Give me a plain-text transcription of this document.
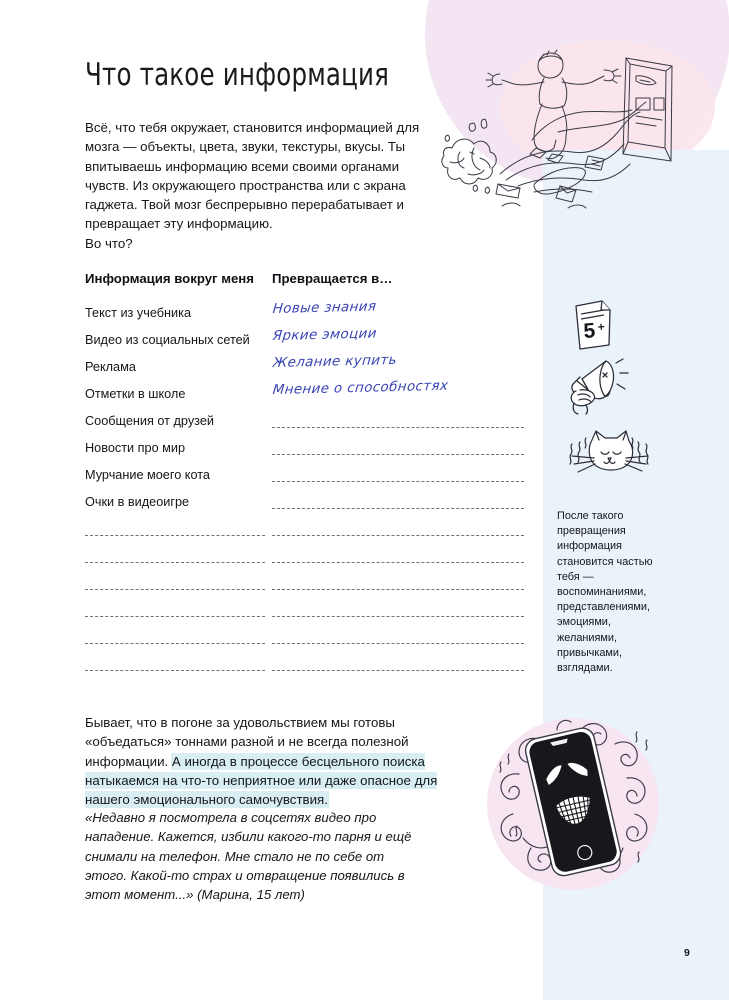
5 +
Что такое информация
Всё, что тебя окружает, становится информацией для мозга — объекты, цвета, звуки, текстуры, вкусы. Ты впитываешь информацию всеми своими органами чувств. Из окружающего пространства или с экрана гаджета. Твой мозг беспрерывно перерабатывает и превращает эту информацию.
Во что?
Информация вокруг меня	Превращается в…
Текст из учебника	Новые знания
Видео из социальных сетей	Яркие эмоции
Реклама	Желание купить
Отметки в школе	Мнение о способностях
Сообщения от друзей
Новости про мир
Мурчание моего кота
Очки в видеоигре
После такого превращения информация становится частью тебя — воспоминаниями, представлениями, эмоциями, желаниями, привычками, взглядами.
Бывает, что в погоне за удовольствием мы готовы «объедаться» тоннами разной и не всегда полезной информации. А иногда в процессе бесцельного поиска натыкаемся на что-то неприятное или даже опасное для нашего эмоционального самочувствия.
«Недавно я посмотрела в соцсетях видео про нападение. Кажется, избили какого-то парня и ещё снимали на телефон. Мне стало не по себе от этого. Какой-то страх и отвращение появились в этот момент...» (Марина, 15 лет)
9
